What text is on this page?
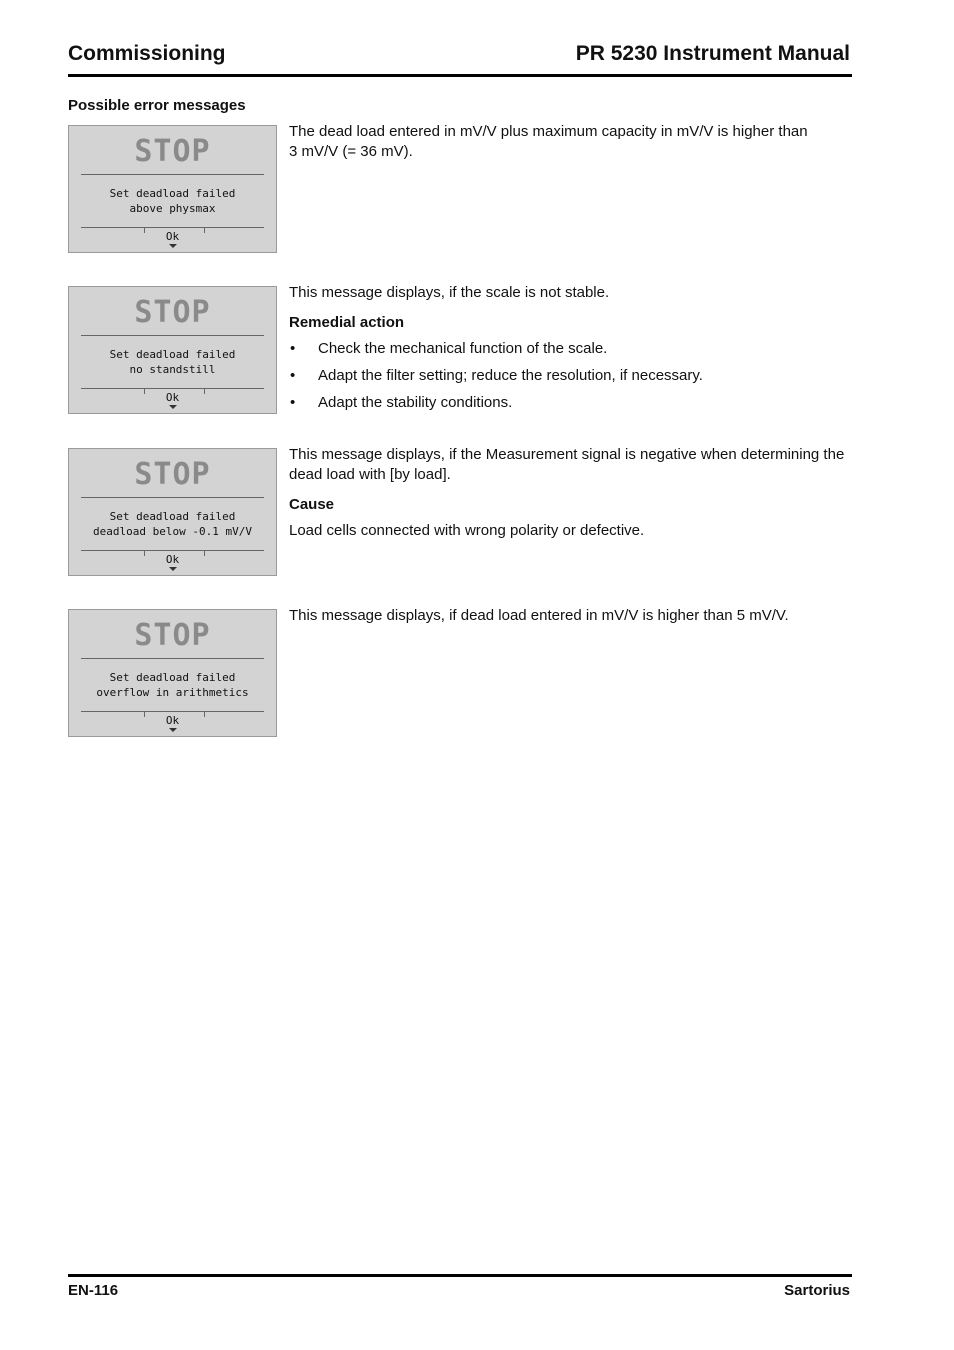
Commissioning	PR 5230 Instrument Manual
Possible error messages
STOP
Set deadload failed
above physmax
Ok

The dead load entered in mV/V plus maximum capacity in mV/V is higher than 3 mV/V (= 36 mV).

STOP
Set deadload failed
no standstill
Ok

This message displays, if the scale is not stable.

Remedial action

• Check the mechanical function of the scale.
• Adapt the filter setting; reduce the resolution, if necessary.
• Adapt the stability conditions.
STOP
Set deadload failed
deadload below -0.1 mV/V
Ok

This message displays, if the Measurement signal is negative when determining the dead load with [by load].

Cause

Load cells connected with wrong polarity or defective.

STOP
Set deadload failed
overflow in arithmetics
Ok

This message displays, if dead load entered in mV/V is higher than 5 mV/V.

EN-116	Sartorius
